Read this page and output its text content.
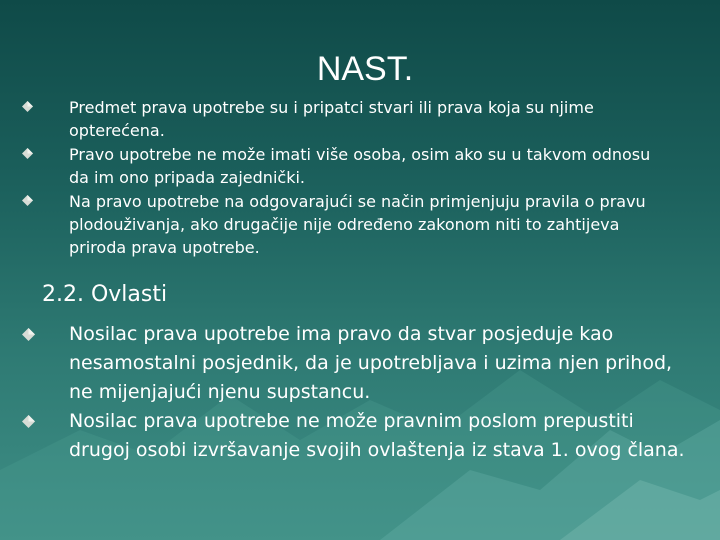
NAST.
Predmet prava upotrebe su i pripatci stvari ili prava koja su njime opterećena.
Pravo upotrebe ne može imati više osoba, osim ako su u takvom odnosu da im ono pripada zajednički.
Na pravo upotrebe na odgovarajući se način primjenjuju pravila o pravu plodouživanja, ako drugačije nije određeno zakonom niti to zahtijeva priroda prava upotrebe.
2.2. Ovlasti
Nosilac prava upotrebe ima pravo da stvar posjeduje kao nesamostalni posjednik, da je upotrebljava i uzima njen prihod, ne mijenjajući njenu supstancu.
Nosilac prava upotrebe ne može pravnim poslom prepustiti drugoj osobi izvršavanje svojih ovlaštenja iz stava 1. ovog člana.
